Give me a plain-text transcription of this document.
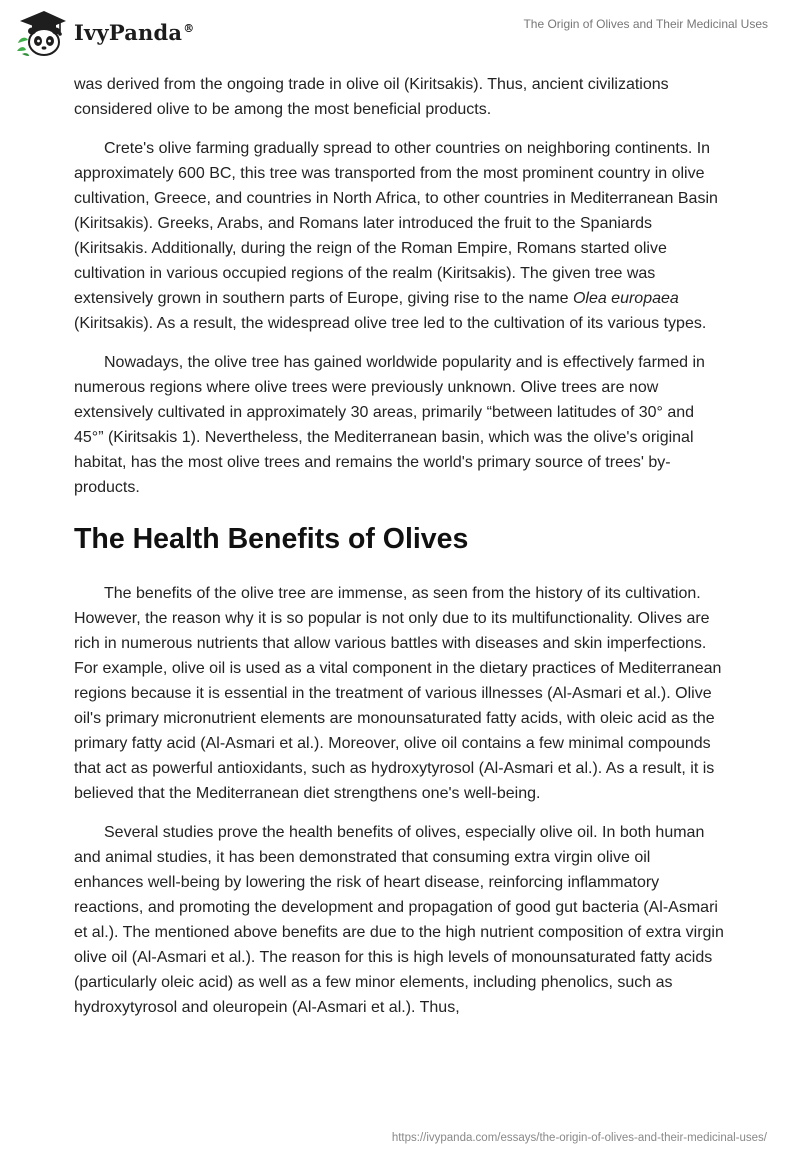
IvyPanda®	The Origin of Olives and Their Medicinal Uses

was derived from the ongoing trade in olive oil (Kiritsakis). Thus, ancient civilizations considered olive to be among the most beneficial products.

Crete's olive farming gradually spread to other countries on neighboring continents. In approximately 600 BC, this tree was transported from the most prominent country in olive cultivation, Greece, and countries in North Africa, to other countries in Mediterranean Basin (Kiritsakis). Greeks, Arabs, and Romans later introduced the fruit to the Spaniards (Kiritsakis. Additionally, during the reign of the Roman Empire, Romans started olive cultivation in various occupied regions of the realm (Kiritsakis). The given tree was extensively grown in southern parts of Europe, giving rise to the name Olea europaea (Kiritsakis). As a result, the widespread olive tree led to the cultivation of its various types.

Nowadays, the olive tree has gained worldwide popularity and is effectively farmed in numerous regions where olive trees were previously unknown. Olive trees are now extensively cultivated in approximately 30 areas, primarily “between latitudes of 30° and 45°” (Kiritsakis 1). Nevertheless, the Mediterranean basin, which was the olive's original habitat, has the most olive trees and remains the world's primary source of trees' by-products.

The Health Benefits of Olives

The benefits of the olive tree are immense, as seen from the history of its cultivation. However, the reason why it is so popular is not only due to its multifunctionality. Olives are rich in numerous nutrients that allow various battles with diseases and skin imperfections. For example, olive oil is used as a vital component in the dietary practices of Mediterranean regions because it is essential in the treatment of various illnesses (Al-Asmari et al.). Olive oil's primary micronutrient elements are monounsaturated fatty acids, with oleic acid as the primary fatty acid (Al-Asmari et al.). Moreover, olive oil contains a few minimal compounds that act as powerful antioxidants, such as hydroxytyrosol (Al-Asmari et al.). As a result, it is believed that the Mediterranean diet strengthens one's well-being.

Several studies prove the health benefits of olives, especially olive oil. In both human and animal studies, it has been demonstrated that consuming extra virgin olive oil enhances well-being by lowering the risk of heart disease, reinforcing inflammatory reactions, and promoting the development and propagation of good gut bacteria (Al-Asmari et al.). The mentioned above benefits are due to the high nutrient composition of extra virgin olive oil (Al-Asmari et al.). The reason for this is high levels of monounsaturated fatty acids (particularly oleic acid) as well as a few minor elements, including phenolics, such as hydroxytyrosol and oleuropein (Al-Asmari et al.). Thus,

https://ivypanda.com/essays/the-origin-of-olives-and-their-medicinal-uses/
